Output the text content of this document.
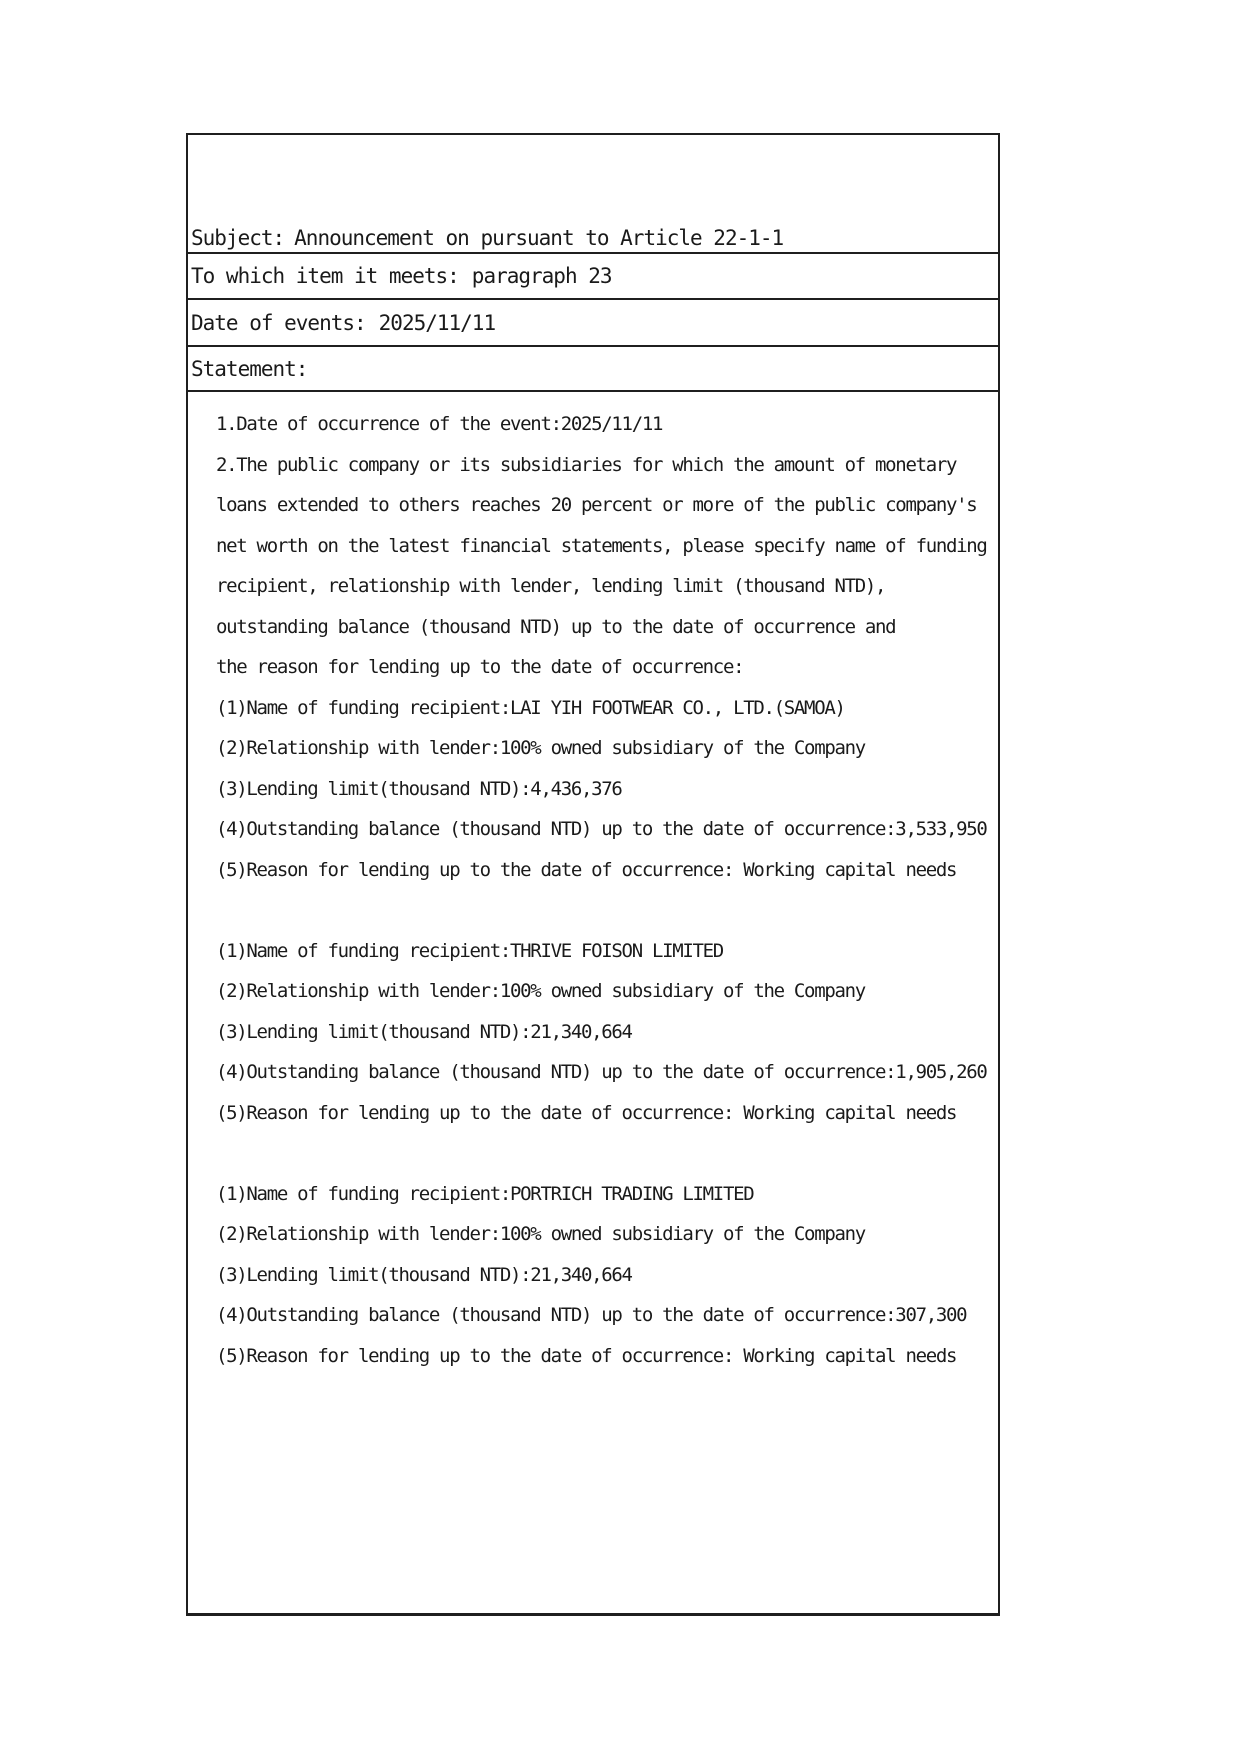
Subject: Announcement on pursuant to Article 22-1-1

To which item it meets: paragraph 23
Date of events: 2025/11/11
Statement:
1.Date of occurrence of the event:2025/11/11
2.The public company or its subsidiaries for which the amount of monetary
loans extended to others reaches 20 percent or more of the public company's
net worth on the latest financial statements, please specify name of funding
recipient, relationship with lender, lending limit (thousand NTD),
outstanding balance (thousand NTD) up to the date of occurrence and
the reason for lending up to the date of occurrence:
(1)Name of funding recipient:LAI YIH FOOTWEAR CO., LTD.(SAMOA)
(2)Relationship with lender:100% owned subsidiary of the Company
(3)Lending limit(thousand NTD):4,436,376
(4)Outstanding balance (thousand NTD) up to the date of occurrence:3,533,950
(5)Reason for lending up to the date of occurrence: Working capital needs
(1)Name of funding recipient:THRIVE FOISON LIMITED
(2)Relationship with lender:100% owned subsidiary of the Company
(3)Lending limit(thousand NTD):21,340,664
(4)Outstanding balance (thousand NTD) up to the date of occurrence:1,905,260
(5)Reason for lending up to the date of occurrence: Working capital needs
(1)Name of funding recipient:PORTRICH TRADING LIMITED
(2)Relationship with lender:100% owned subsidiary of the Company
(3)Lending limit(thousand NTD):21,340,664
(4)Outstanding balance (thousand NTD) up to the date of occurrence:307,300
(5)Reason for lending up to the date of occurrence: Working capital needs
